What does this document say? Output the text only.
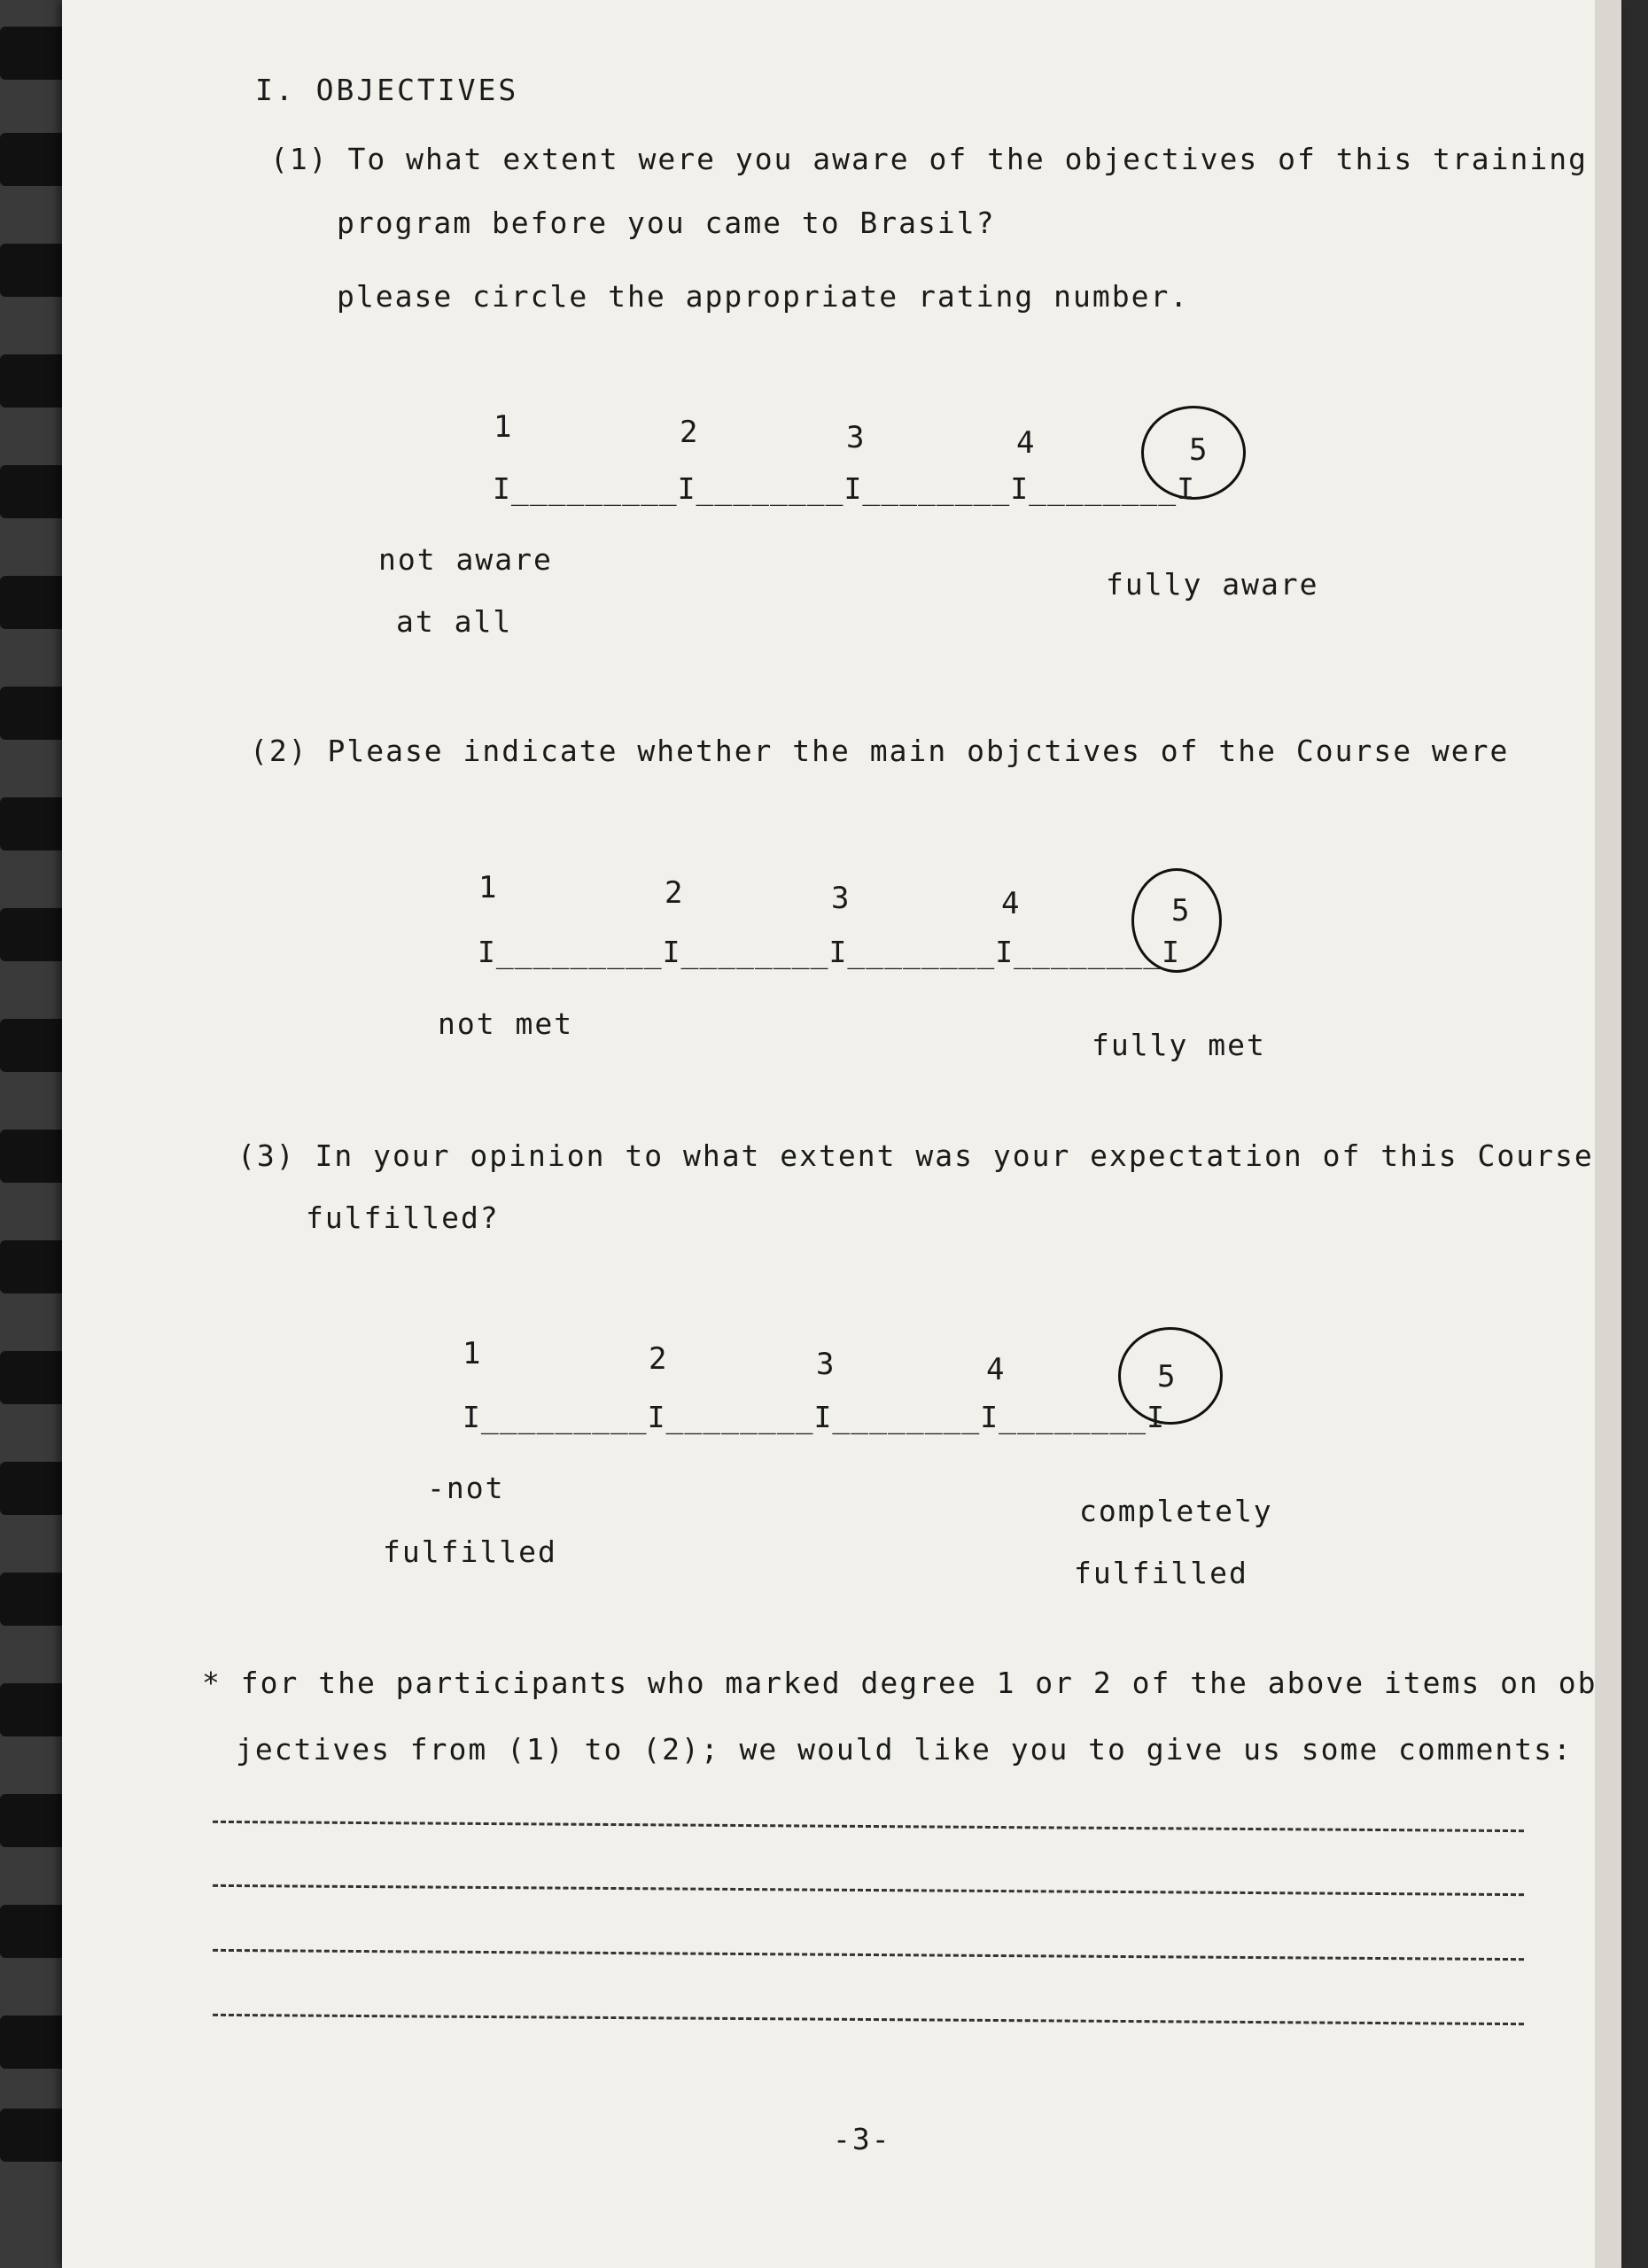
I. OBJECTIVES
(1) To what extent were you aware of the objectives of this training
program before you came to Brasil?
please circle the appropriate rating number.
1	2	3	4	5
I_________I________I________I________I
not aware
at all
fully aware
(2) Please indicate whether the main objctives of the Course were
1	2	3	4	5
I_________I________I________I________I
not met
fully met
(3) In your opinion to what extent was your expectation of this Course
fulfilled?
1	2	3	4	5
I_________I________I________I________I
-not
fulfilled
completely
fulfilled
* for the participants who marked degree 1 or 2 of the above items on ob
jectives from (1) to (2); we would like you to give us some comments:
-3-
